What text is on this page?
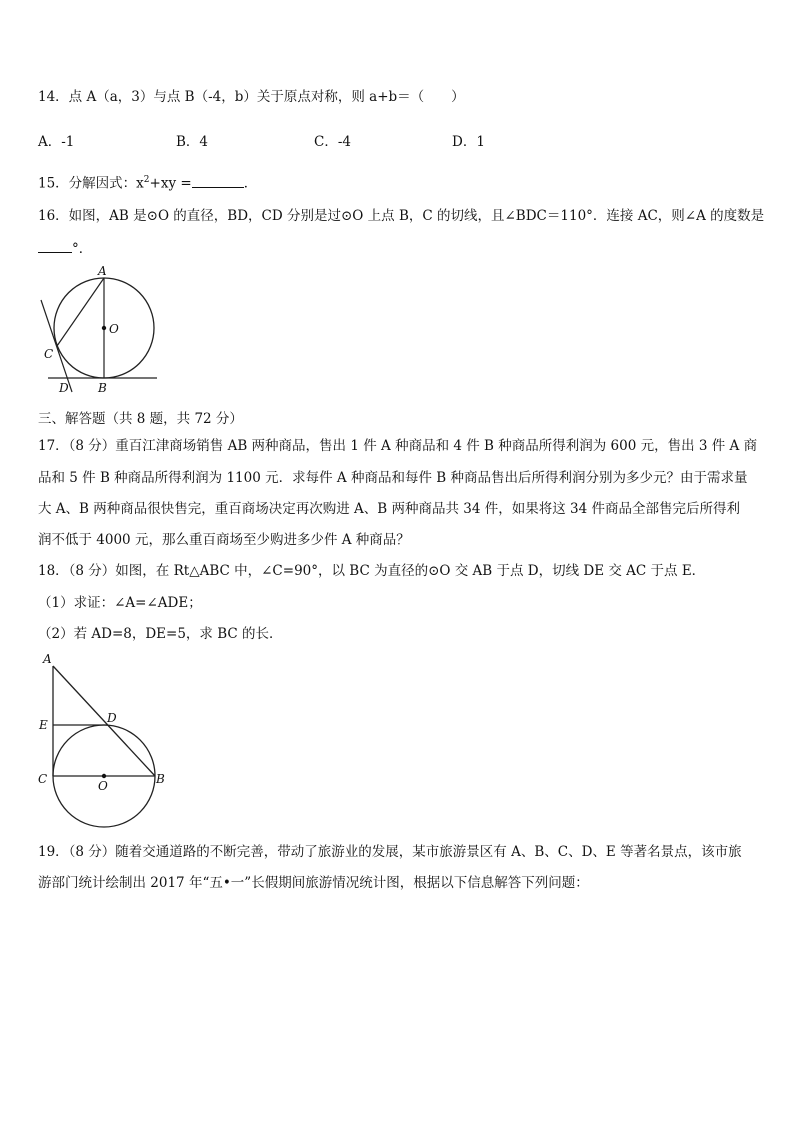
14．点 A（a，3）与点 B（-4，b）关于原点对称，则 a+b＝（　　）
A．-1	B．4	C．-4	D．1
15．分解因式：$x^2+xy$ =	．
16．如图，AB 是⊙O 的直径，BD，CD 分别是过⊙O 上点 B，C 的切线，且∠BDC＝110°．连接 AC，则∠A 的度数是
°．
A
O
C
D B
三、解答题（共 8 题，共 72 分）
17．（8 分）重百江津商场销售 AB 两种商品，售出 1 件 A 种商品和 4 件 B 种商品所得利润为 600 元，售出 3 件 A 商
品和 5 件 B 种商品所得利润为 1100 元．求每件 A 种商品和每件 B 种商品售出后所得利润分别为多少元？由于需求量
大 A、B 两种商品很快售完，重百商场决定再次购进 A、B 两种商品共 34 件，如果将这 34 件商品全部售完后所得利
润不低于 4000 元，那么重百商场至少购进多少件 A 种商品？
18．（8 分）如图，在 Rt△ABC 中，∠C=90°，以 BC 为直径的⊙O 交 AB 于点 D，切线 DE 交 AC 于点 E．
（1）求证：∠A=∠ADE；
（2）若 AD=8，DE=5，求 BC 的长．
A
E	D
C	O	B
19．（8 分）随着交通道路的不断完善，带动了旅游业的发展，某市旅游景区有 A、B、C、D、E 等著名景点，该市旅
游部门统计绘制出 2017 年“五•一”长假期间旅游情况统计图，根据以下信息解答下列问题：
